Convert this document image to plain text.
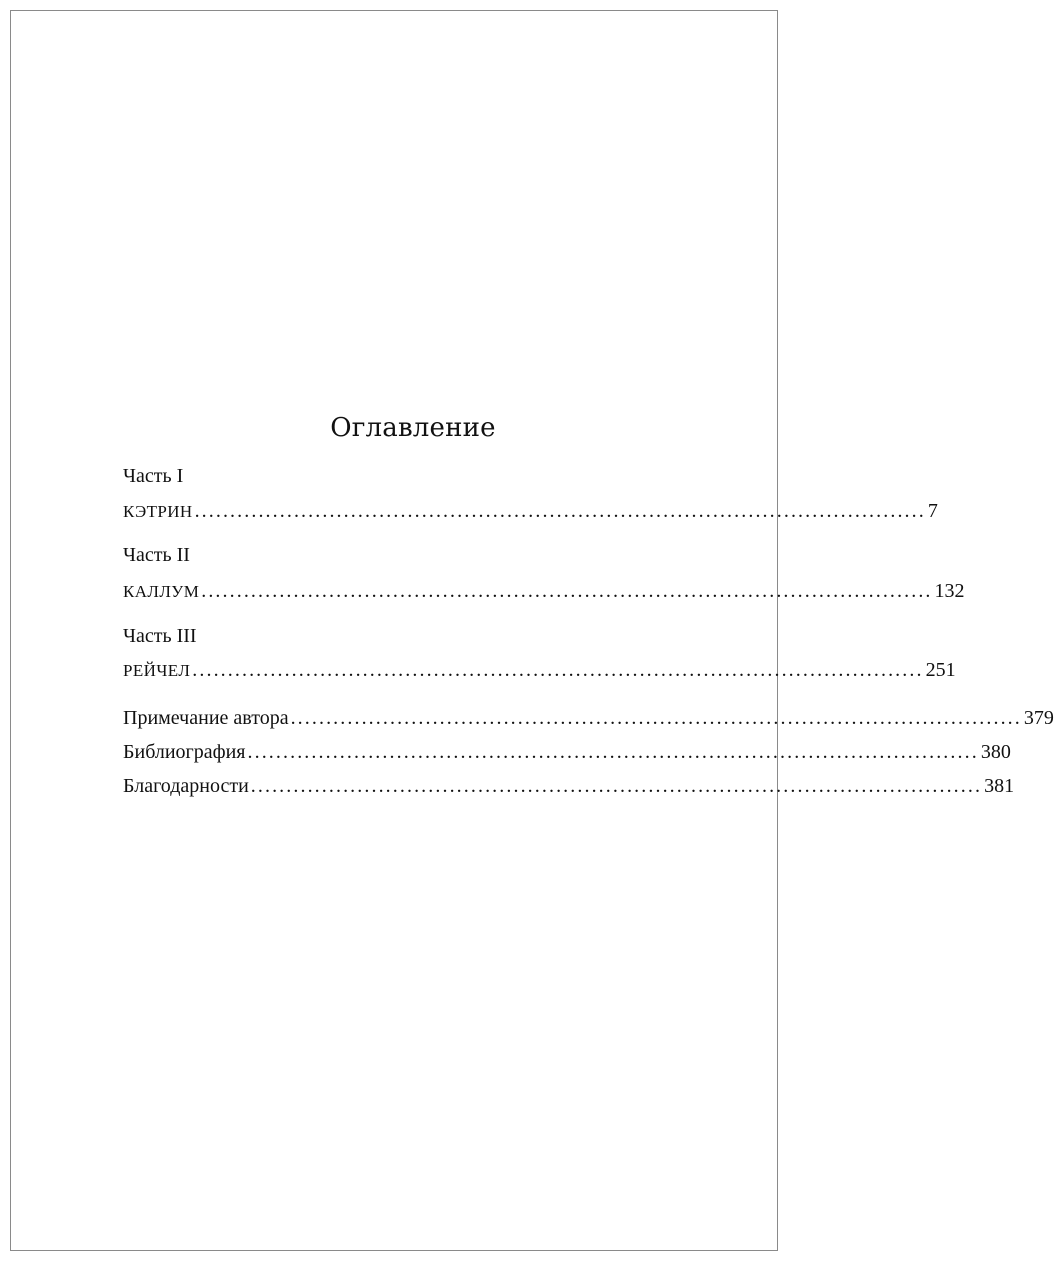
Оглавление
Часть I
КЭТРИН ....................................................................................................... 7
Часть II
КАЛЛУМ ....................................................................................................... 132
Часть III
РЕЙЧЕЛ ....................................................................................................... 251
Примечание автора ....................................................................................................... 379
Библиография ....................................................................................................... 380
Благодарности ....................................................................................................... 381
